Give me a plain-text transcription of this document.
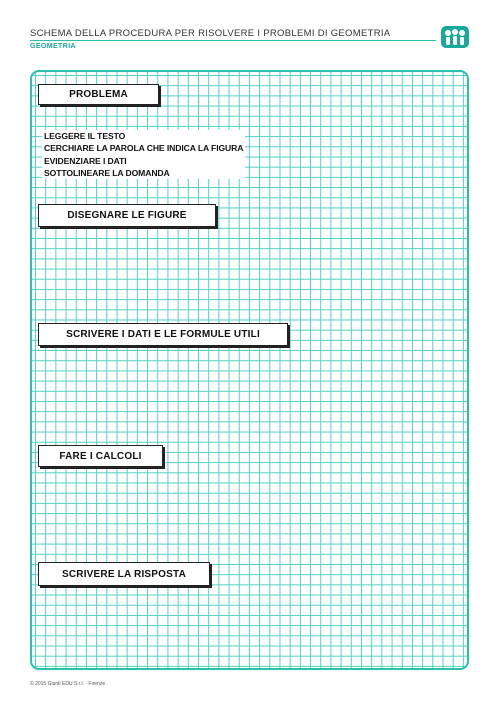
SCHEMA DELLA PROCEDURA PER RISOLVERE I PROBLEMI DI GEOMETRIA
GEOMETRIA
PROBLEMA
LEGGERE IL TESTO
CERCHIARE LA PAROLA CHE INDICA LA FIGURA
EVIDENZIARE I DATI
SOTTOLINEARE LA DOMANDA
DISEGNARE LE FIGURE
SCRIVERE I DATI E LE FORMULE UTILI
FARE I CALCOLI
SCRIVERE LA RISPOSTA
© 2015 Giunti EDU S.r.l. · Firenze
